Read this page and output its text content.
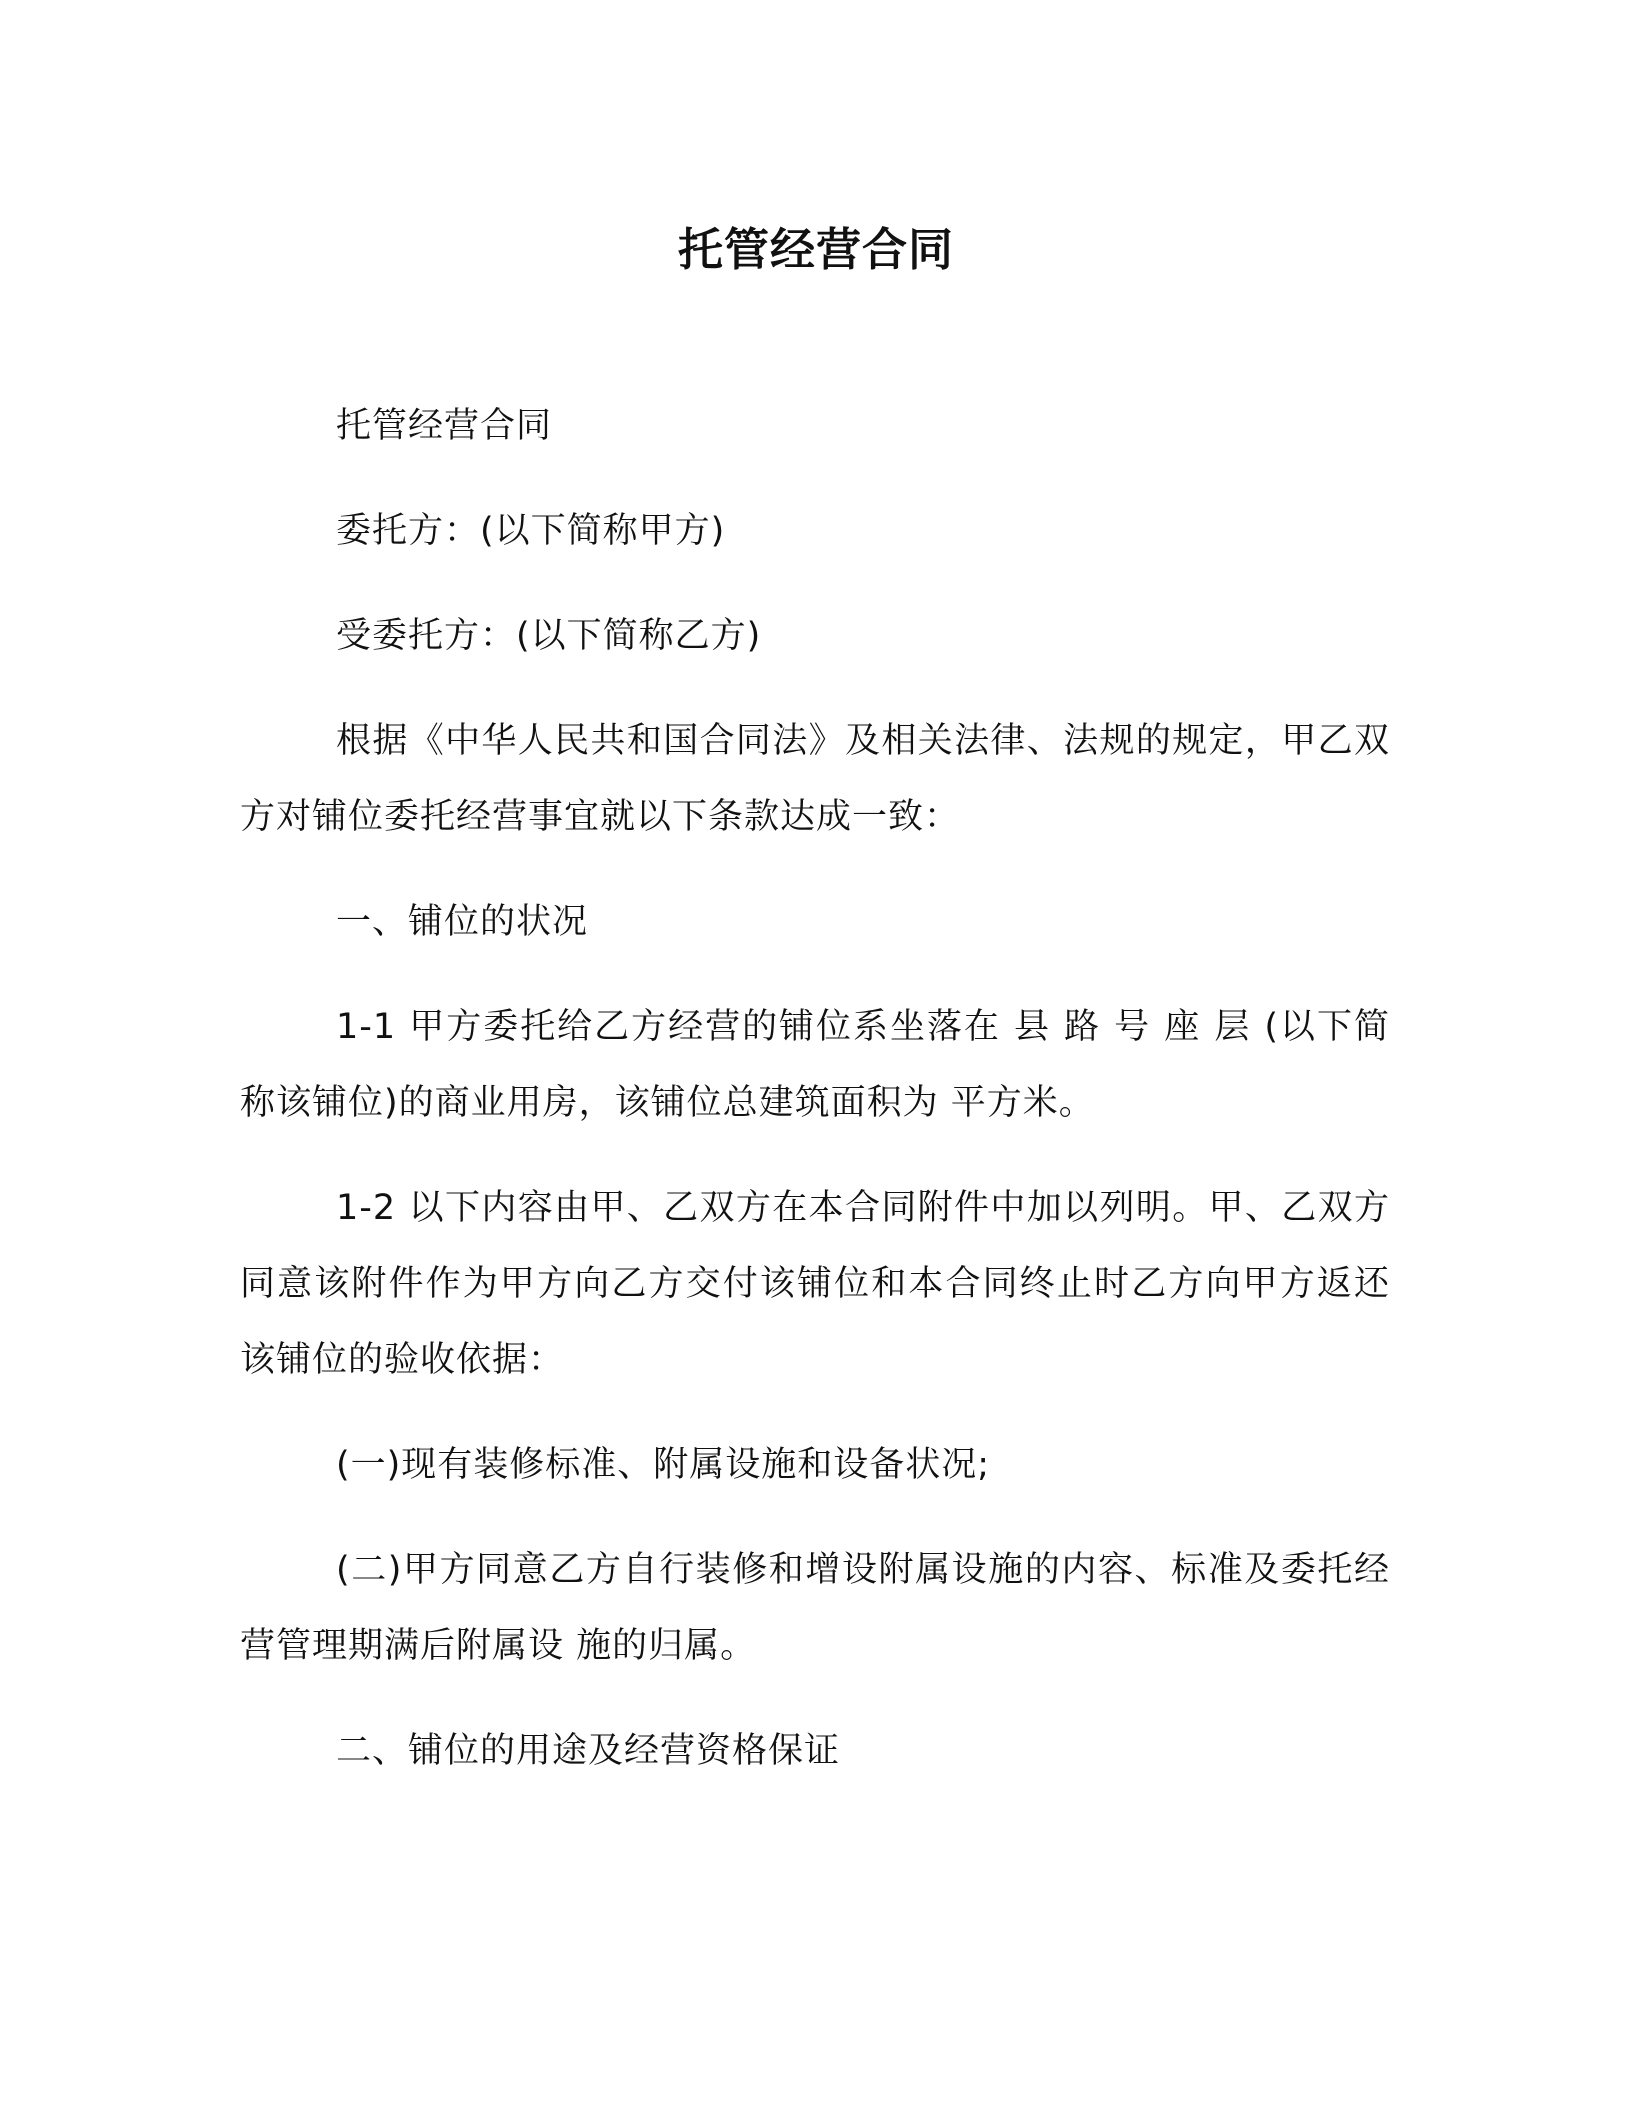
托管经营合同

托管经营合同

委托方：(以下简称甲方)

受委托方：(以下简称乙方)

根据《中华人民共和国合同法》及相关法律、法规的规定，甲乙双方对铺位委托经营事宜就以下条款达成一致：

一、铺位的状况

1-1 甲方委托给乙方经营的铺位系坐落在 县 路 号 座 层 (以下简称该铺位)的商业用房，该铺位总建筑面积为 平方米。

1-2 以下内容由甲、乙双方在本合同附件中加以列明。甲、乙双方同意该附件作为甲方向乙方交付该铺位和本合同终止时乙方向甲方返还该铺位的验收依据：

(一)现有装修标准、附属设施和设备状况;

(二)甲方同意乙方自行装修和增设附属设施的内容、标准及委托经营管理期满后附属设 施的归属。

二、铺位的用途及经营资格保证
